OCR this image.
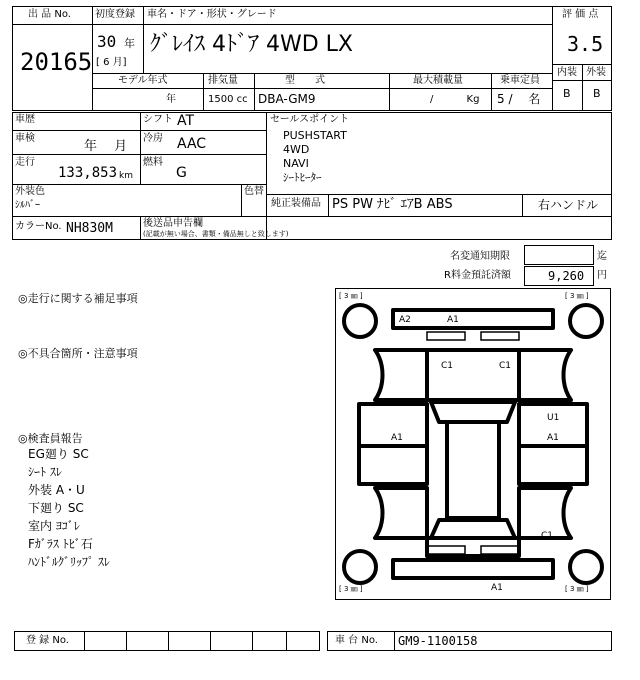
出 品 No.
20165
初度登録 車名・ドア・形状・グレード
30 年
[ 6 月]
ｸﾞﾚｲｽ 4ﾄﾞｱ 4WD LX
評 価 点
3.5
内装 外装
B B
モデル年式	排気量	型　　式	最大積載量	乗車定員
年	1500 cc DBA-GM9	/　　　 Kg 5 /　 名
車歴	シフト AT
車検
年　 月
冷房 AAC
走行
133,853 km
燃料
G
外装色
ｼﾙﾊﾞｰ
色替
カラーNo. NH830M	後送品申告欄
(記載が無い場合、書類・備品無しと致します)
セールスポイント
PUSHSTART
4WD
NAVI
ｼｰﾄﾋｰﾀｰ
純正装備品 PS PW ﾅﾋﾞ ｴｱB ABS	右ハンドル
名変通知期限	迄
R料金預託済額	9,260 円
◎走行に関する補足事項
◎不具合箇所・注意事項
◎検査員報告
EG廻り SC
ｼｰﾄ ｽﾚ
外装 A・U
下廻り SC
室内 ﾖｺﾞﾚ
Fｶﾞﾗｽ ﾄﾋﾞ石
ﾊﾝﾄﾞﾙｸﾞﾘｯﾌﾟ ｽﾚ
[ 3 ㎜ ]	[ 3 ㎜ ]
[ 3 ㎜ ]	[ 3 ㎜ ]
A2	A1
C1	C1
U1
A1
A1
C1
A1
登 録 No.	車 台 No. GM9-1100158
